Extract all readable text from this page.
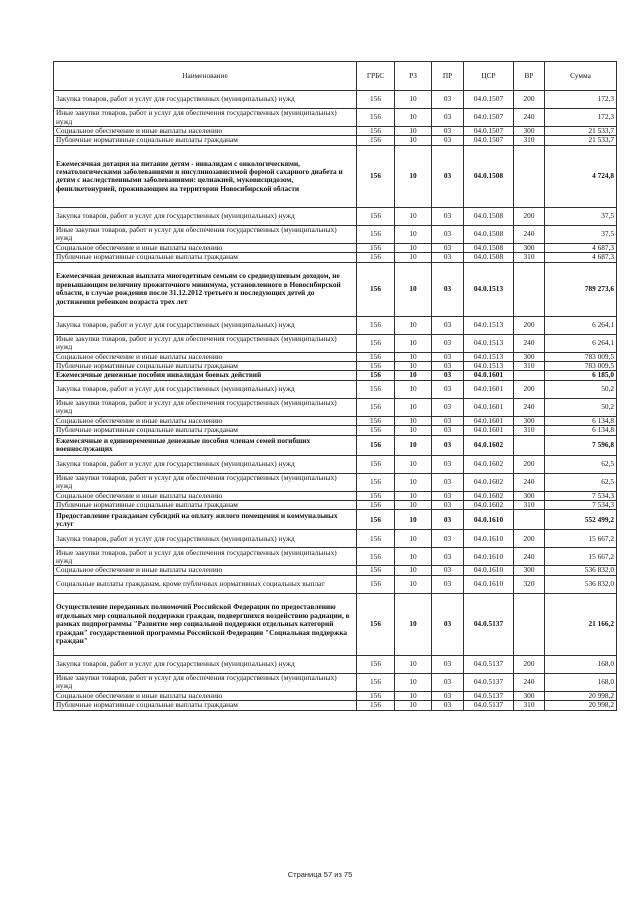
Наименование	ГРБС	РЗ	ПР	ЦСР	ВР	Сумма
Закупка товаров, работ и услуг для государственных (муниципальных) нужд	156	10	03	04.0.1507	200	172,3
Иные закупки товаров, работ и услуг для обеспечения государственных (муниципальных) нужд	156	10	03	04.0.1507	240	172,3
Социальное обеспечение и иные выплаты населению	156	10	03	04.0.1507	300	21 533,7
Публичные нормативные социальные выплаты гражданам	156	10	03	04.0.1507	310	21 533,7
Ежемесячная дотация на питание детям - инвалидам с онкологическими, гематологическими заболеваниями и инсулинозависимой формой сахарного диабета и детям с наследственными заболеваниями: целиакией, муковисцидозом, фенилкетонурией, проживающим на территории Новосибирской области	156	10	03	04.0.1508		4 724,8
Закупка товаров, работ и услуг для государственных (муниципальных) нужд	156	10	03	04.0.1508	200	37,5
Иные закупки товаров, работ и услуг для обеспечения государственных (муниципальных) нужд	156	10	03	04.0.1508	240	37,5
Социальное обеспечение и иные выплаты населению	156	10	03	04.0.1508	300	4 687,3
Публичные нормативные социальные выплаты гражданам	156	10	03	04.0.1508	310	4 687,3
Ежемесячная денежная выплата многодетным семьям со среднедушевым доходом, не превышающим величину прожиточного минимума, установленного в Новосибирской области, в случае рождения после 31.12.2012 третьего и последующих детей до достижения ребенком возраста трех лет	156	10	03	04.0.1513		789 273,6
Закупка товаров, работ и услуг для государственных (муниципальных) нужд	156	10	03	04.0.1513	200	6 264,1
Иные закупки товаров, работ и услуг для обеспечения государственных (муниципальных) нужд	156	10	03	04.0.1513	240	6 264,1
Социальное обеспечение и иные выплаты населению	156	10	03	04.0.1513	300	783 009,5
Публичные нормативные социальные выплаты гражданам	156	10	03	04.0.1513	310	783 009,5
Ежемесячные денежные пособия инвалидам боевых действий	156	10	03	04.0.1601		6 185,0
Закупка товаров, работ и услуг для государственных (муниципальных) нужд	156	10	03	04.0.1601	200	50,2
Иные закупки товаров, работ и услуг для обеспечения государственных (муниципальных) нужд	156	10	03	04.0.1601	240	50,2
Социальное обеспечение и иные выплаты населению	156	10	03	04.0.1601	300	6 134,8
Публичные нормативные социальные выплаты гражданам	156	10	03	04.0.1601	310	6 134,8
Ежемесячные и единовременные денежные пособия членам семей погибших военнослужащих	156	10	03	04.0.1602		7 596,8
Закупка товаров, работ и услуг для государственных (муниципальных) нужд	156	10	03	04.0.1602	200	62,5
Иные закупки товаров, работ и услуг для обеспечения государственных (муниципальных) нужд	156	10	03	04.0.1602	240	62,5
Социальное обеспечение и иные выплаты населению	156	10	03	04.0.1602	300	7 534,3
Публичные нормативные социальные выплаты гражданам	156	10	03	04.0.1602	310	7 534,3
Предоставление гражданам субсидий на оплату жилого помещения и коммунальных услуг	156	10	03	04.0.1610		552 499,2
Закупка товаров, работ и услуг для государственных (муниципальных) нужд	156	10	03	04.0.1610	200	15 667,2
Иные закупки товаров, работ и услуг для обеспечения государственных (муниципальных) нужд	156	10	03	04.0.1610	240	15 667,2
Социальное обеспечение и иные выплаты населению	156	10	03	04.0.1610	300	536 832,0
Социальные выплаты гражданам, кроме публичных нормативных социальных выплат	156	10	03	04.0.1610	320	536 832,0
Осуществление переданных полномочий Российской Федерации по предоставлению отдельных мер социальной поддержки граждан, подвергшихся воздействию радиации, в рамках подпрограммы "Развитие мер социальной поддержки отдельных категорий граждан" государственной программы Российской Федерации "Социальная поддержка граждан"	156	10	03	04.0.5137		21 166,2
Закупка товаров, работ и услуг для государственных (муниципальных) нужд	156	10	03	04.0.5137	200	168,0
Иные закупки товаров, работ и услуг для обеспечения государственных (муниципальных) нужд	156	10	03	04.0.5137	240	168,0
Социальное обеспечение и иные выплаты населению	156	10	03	04.0.5137	300	20 998,2
Публичные нормативные социальные выплаты гражданам	156	10	03	04.0.5137	310	20 998,2
Страница 57 из 75
